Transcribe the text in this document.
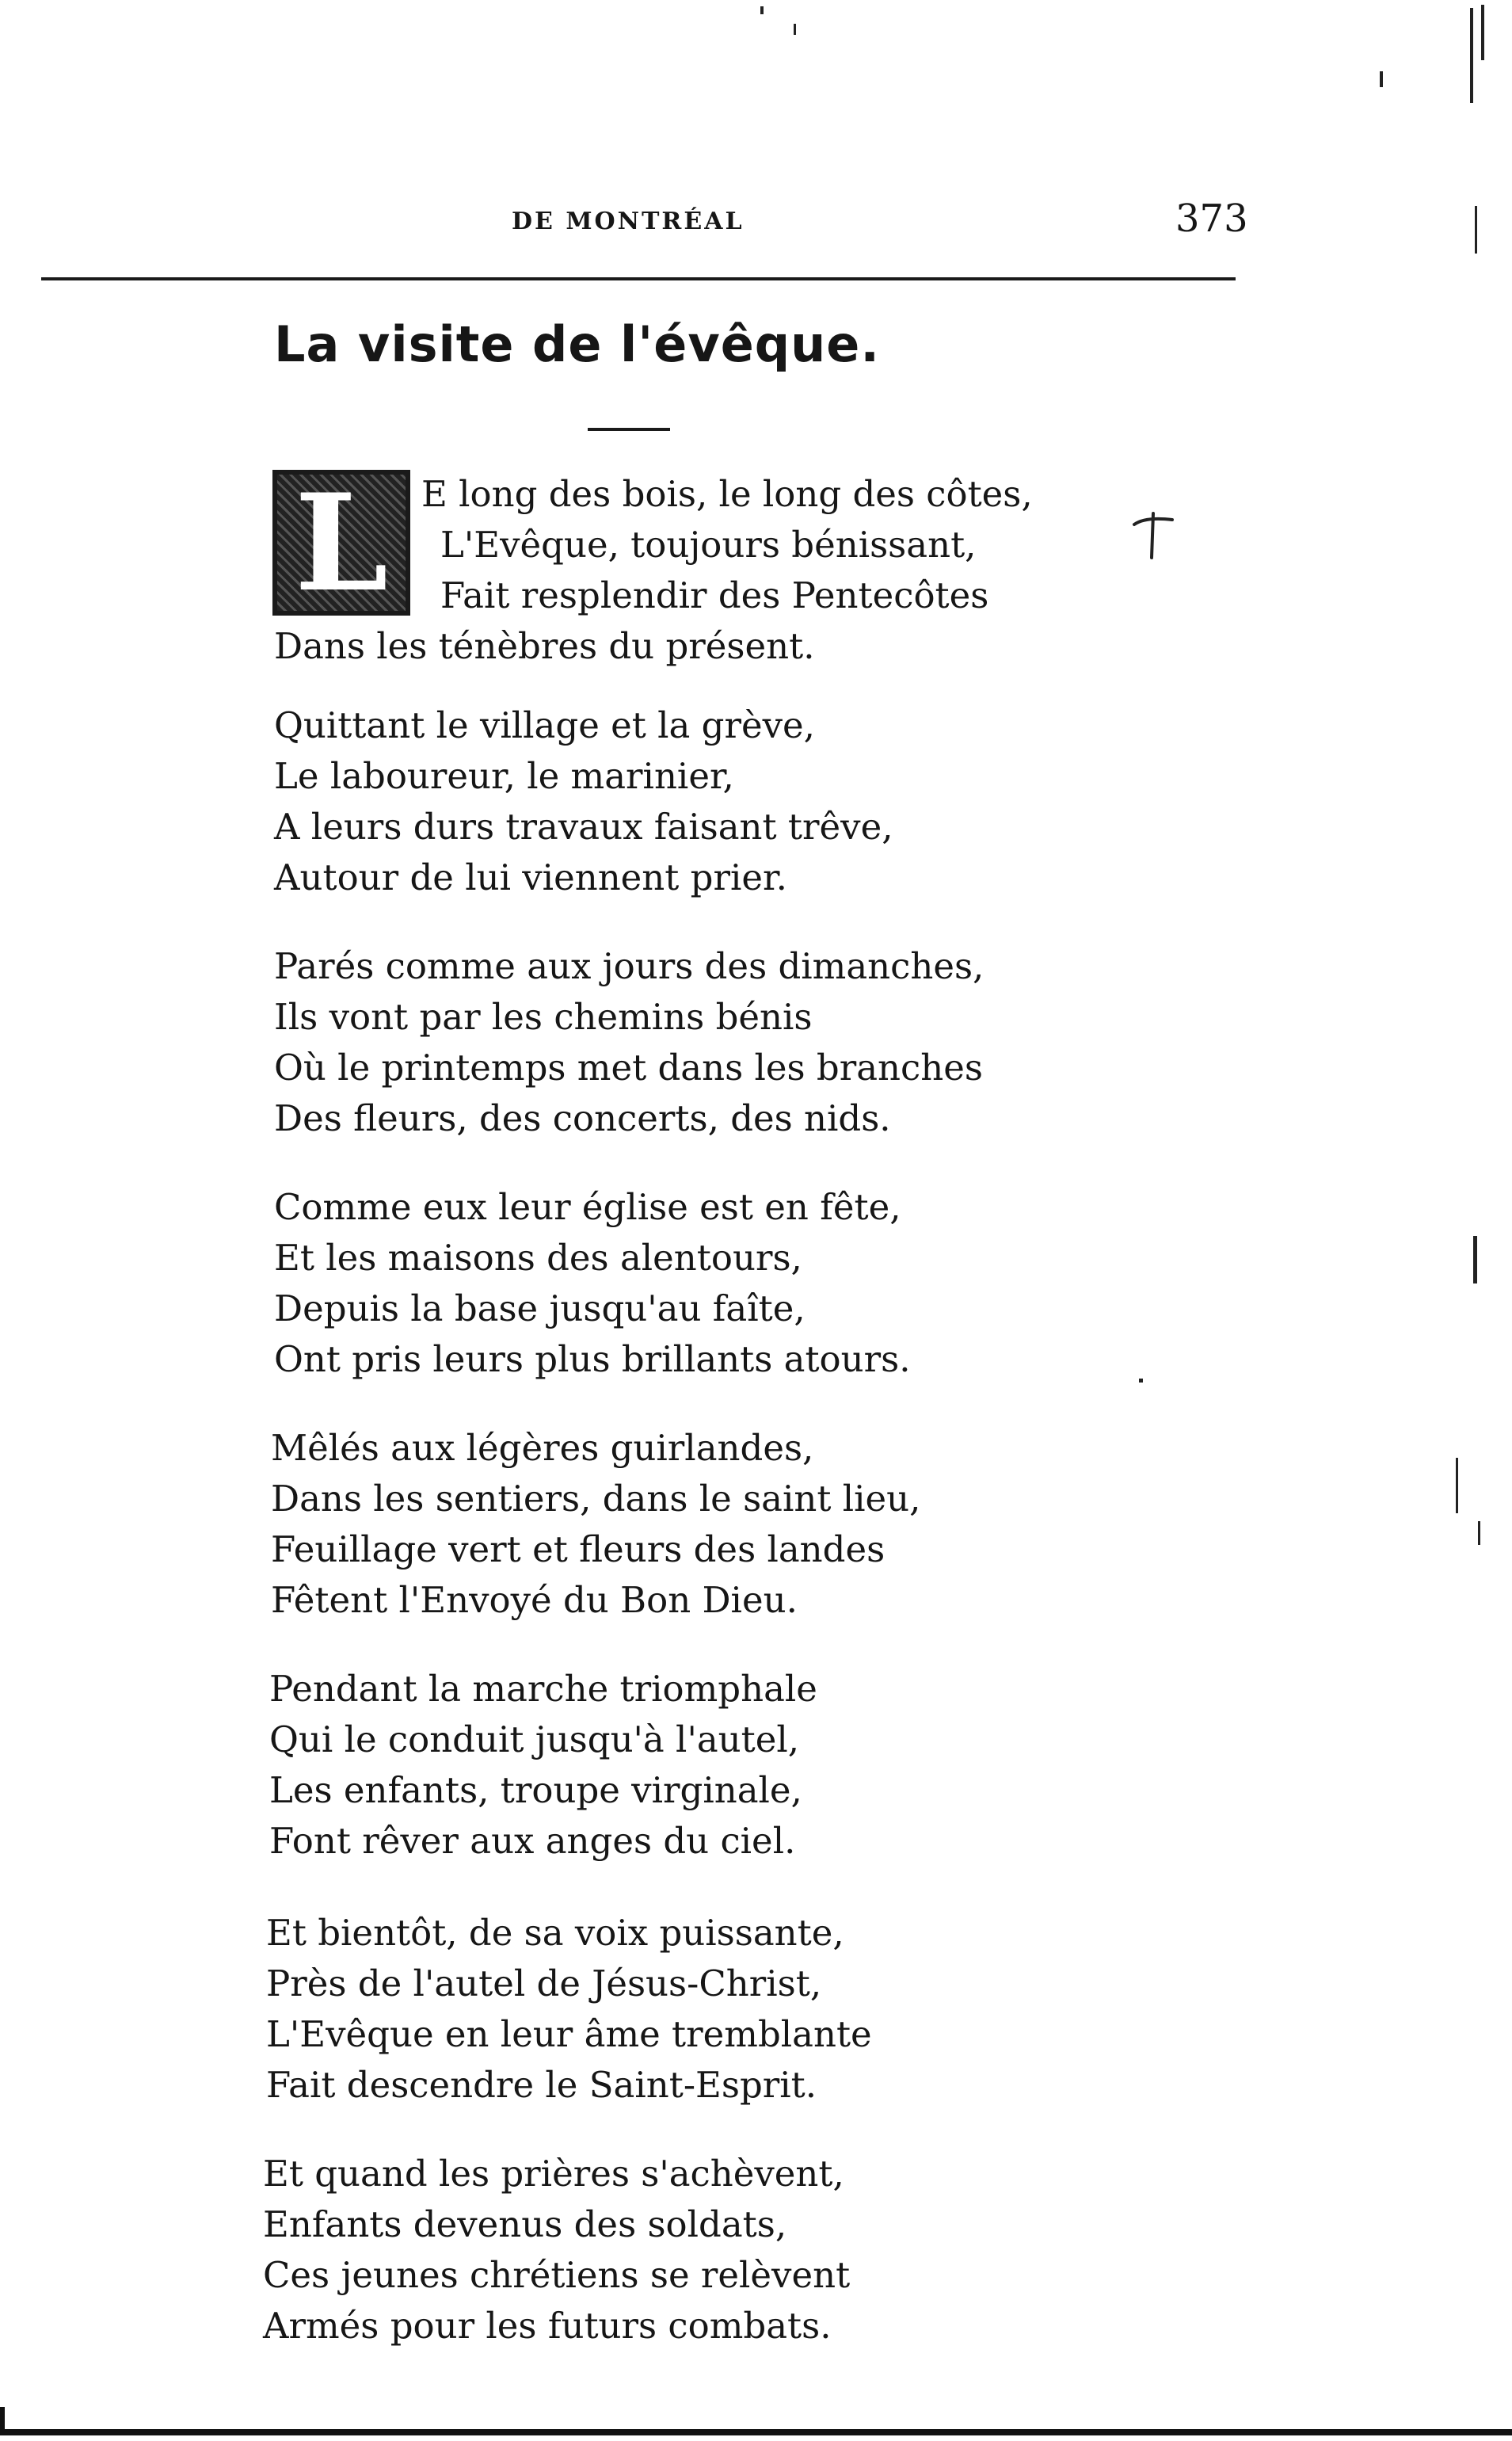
DE MONTRÉAL	373
La visite de l'évêque.
L E long des bois, le long des côtes,
L'Evêque, toujours bénissant,
Fait resplendir des Pentecôtes
Dans les ténèbres du présent.
Quittant le village et la grève,
Le laboureur, le marinier,
A leurs durs travaux faisant trêve,
Autour de lui viennent prier.
Parés comme aux jours des dimanches,
Ils vont par les chemins bénis
Où le printemps met dans les branches
Des fleurs, des concerts, des nids.
Comme eux leur église est en fête,
Et les maisons des alentours,
Depuis la base jusqu'au faîte,
Ont pris leurs plus brillants atours.
Mêlés aux légères guirlandes,
Dans les sentiers, dans le saint lieu,
Feuillage vert et fleurs des landes
Fêtent l'Envoyé du Bon Dieu.
Pendant la marche triomphale
Qui le conduit jusqu'à l'autel,
Les enfants, troupe virginale,
Font rêver aux anges du ciel.
Et bientôt, de sa voix puissante,
Près de l'autel de Jésus-Christ,
L'Evêque en leur âme tremblante
Fait descendre le Saint-Esprit.
Et quand les prières s'achèvent,
Enfants devenus des soldats,
Ces jeunes chrétiens se relèvent
Armés pour les futurs combats.
